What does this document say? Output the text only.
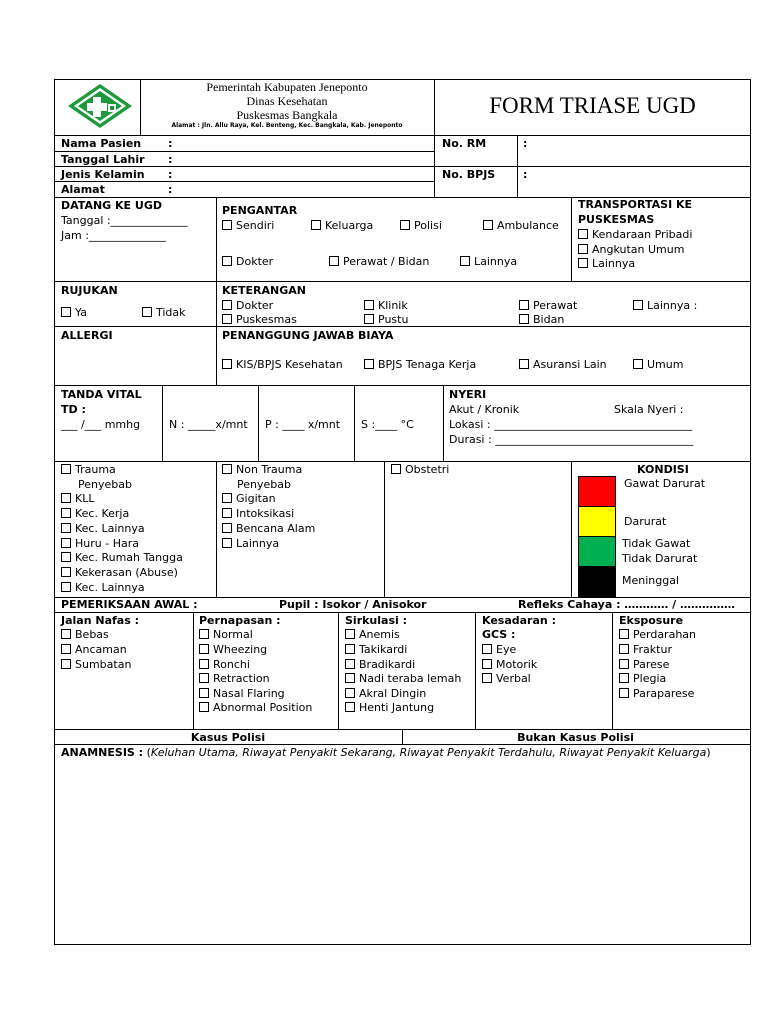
Pemerintah Kabupaten Jeneponto
Dinas Kesehatan
Puskesmas Bangkala
Alamat : Jln. Allu Raya, Kel. Benteng, Kec. Bangkala, Kab. Jeneponto
FORM TRIASE UGD
Nama Pasien :
Tanggal Lahir :
Jenis Kelamin :
Alamat	:
No. RM	:
No. BPJS	:
DATANG KE UGD
Tanggal :______________
Jam :______________
PENGANTAR
Sendiri	Keluarga	Polisi	Ambulance
Dokter	Perawat / Bidan	Lainnya
TRANSPORTASI KE
PUSKESMAS
Kendaraan Pribadi
Angkutan Umum
Lainnya
RUJUKAN
Ya	Tidak
KETERANGAN
Dokter	Klinik	Perawat	Lainnya :
Puskesmas	Pustu	Bidan
ALLERGI	PENANGGUNG JAWAB BIAYA
KIS/BPJS Kesehatan	BPJS Tenaga Kerja	Asuransi Lain	Umum
TANDA VITAL
TD :
___ /___ mmhg	N : _____x/mnt P : ____ x/mnt S :____ °C
NYERI
Akut / Kronik	Skala Nyeri :
Lokasi : ____________________________________
Durasi : ____________________________________
Trauma
Penyebab
KLL
Kec. Kerja
Kec. Lainnya
Huru - Hara
Kec. Rumah Tangga
Kekerasan (Abuse)
Kec. Lainnya
Non Trauma
Penyebab
Gigitan
Intoksikasi
Bencana Alam
Lainnya
Obstetri	KONDISI
Gawat Darurat
Darurat
Tidak Gawat
Tidak Darurat
Meninggal
PEMERIKSAAN AWAL :	Pupil : Isokor / Anisokor	Refleks Cahaya : ………… / ……………
Jalan Nafas :
Bebas
Ancaman
Sumbatan
Pernapasan :
Normal
Wheezing
Ronchi
Retraction
Nasal Flaring
Abnormal Position
Sirkulasi :
Anemis
Takikardi
Bradikardi
Nadi teraba lemah
Akral Dingin
Henti Jantung
Kesadaran :
GCS :
Eye
Motorik
Verbal
Eksposure
Perdarahan
Fraktur
Parese
Plegia
Paraparese
Kasus Polisi	Bukan Kasus Polisi
ANAMNESIS : (Keluhan Utama, Riwayat Penyakit Sekarang, Riwayat Penyakit Terdahulu, Riwayat Penyakit Keluarga)
